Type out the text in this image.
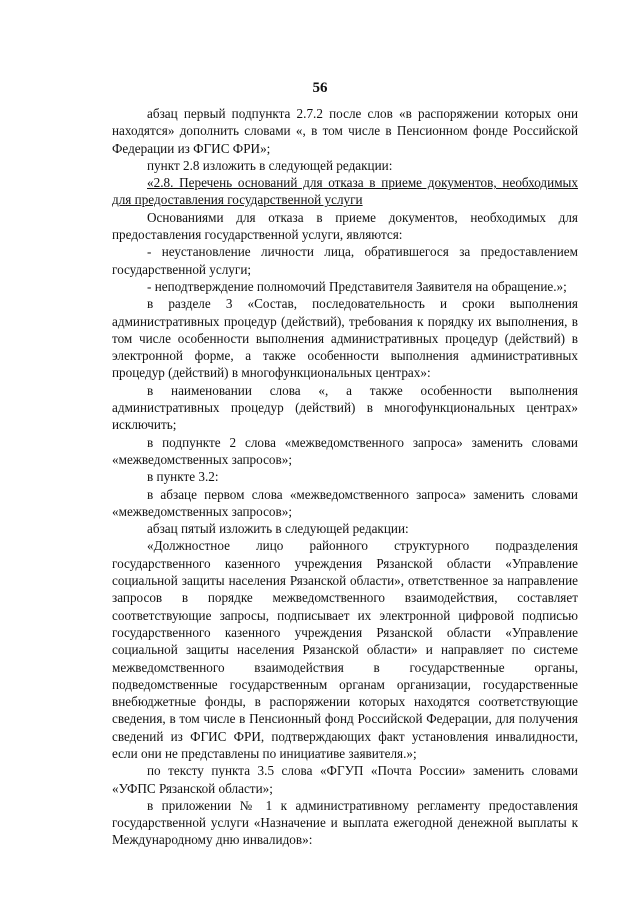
56

абзац первый подпункта 2.7.2 после слов «в распоряжении которых они находятся» дополнить словами «, в том числе в Пенсионном фонде Российской Федерации из ФГИС ФРИ»;

пункт 2.8 изложить в следующей редакции:

«2.8. Перечень оснований для отказа в приеме документов, необходимых для предоставления государственной услуги

Основаниями для отказа в приеме документов, необходимых для предоставления государственной услуги, являются:

- неустановление личности лица, обратившегося за предоставлением государственной услуги;

- неподтверждение полномочий Представителя Заявителя на обращение.»;

в разделе 3 «Состав, последовательность и сроки выполнения административных процедур (действий), требования к порядку их выполнения, в том числе особенности выполнения административных процедур (действий) в электронной форме, а также особенности выполнения административных процедур (действий) в многофункциональных центрах»:

в наименовании слова «, а также особенности выполнения административных процедур (действий) в многофункциональных центрах» исключить;

в подпункте 2 слова «межведомственного запроса» заменить словами «межведомственных запросов»;

в пункте 3.2:

в абзаце первом слова «межведомственного запроса» заменить словами «межведомственных запросов»;

абзац пятый изложить в следующей редакции:

«Должностное лицо районного структурного подразделения государственного казенного учреждения Рязанской области «Управление социальной защиты населения Рязанской области», ответственное за направление запросов в порядке межведомственного взаимодействия, составляет соответствующие запросы, подписывает их электронной цифровой подписью государственного казенного учреждения Рязанской области «Управление социальной защиты населения Рязанской области» и направляет по системе межведомственного взаимодействия в государственные органы, подведомственные государственным органам организации, государственные внебюджетные фонды, в распоряжении которых находятся соответствующие сведения, в том числе в Пенсионный фонд Российской Федерации, для получения сведений из ФГИС ФРИ, подтверждающих факт установления инвалидности, если они не представлены по инициативе заявителя.»;

по тексту пункта 3.5 слова «ФГУП «Почта России» заменить словами «УФПС Рязанской области»;

в приложении № 1 к административному регламенту предоставления государственной услуги «Назначение и выплата ежегодной денежной выплаты к Международному дню инвалидов»:
